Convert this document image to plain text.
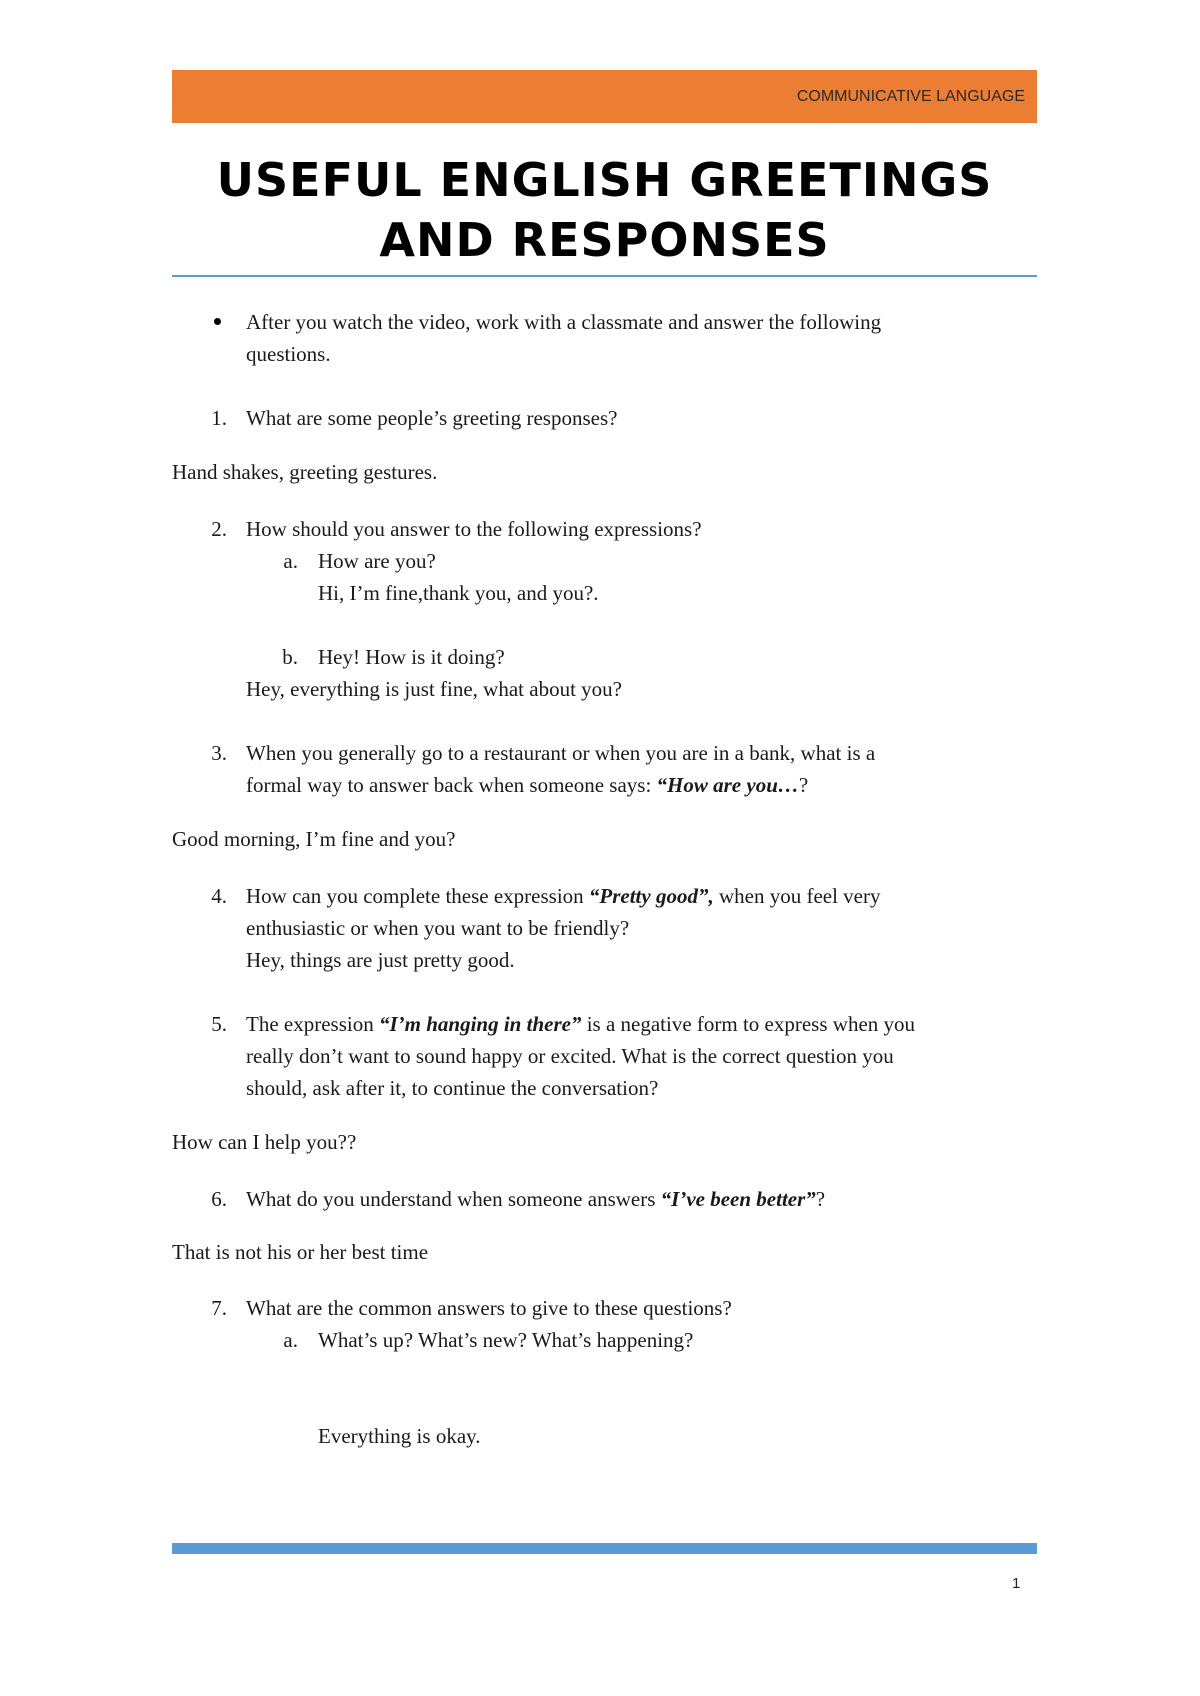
COMMUNICATIVE LANGUAGE
USEFUL ENGLISH GREETINGS
AND RESPONSES
After you watch the video, work with a classmate and answer the following
questions.
1. What are some people’s greeting responses?
Hand shakes, greeting gestures.
2. How should you answer to the following expressions?
a. How are you?
Hi, I’m fine,thank you, and you?.
b. Hey! How is it doing?
Hey, everything is just fine, what about you?
3. When you generally go to a restaurant or when you are in a bank, what is a
formal way to answer back when someone says: “How are you…?
Good morning, I’m fine and you?
4. How can you complete these expression “Pretty good”, when you feel very
enthusiastic or when you want to be friendly?
Hey, things are just pretty good.
5. The expression “I’m hanging in there” is a negative form to express when you
really don’t want to sound happy or excited. What is the correct question you
should, ask after it, to continue the conversation?
How can I help you??
6. What do you understand when someone answers “I’ve been better”?
That is not his or her best time
7. What are the common answers to give to these questions?
a. What’s up? What’s new? What’s happening?
Everything is okay.
1
